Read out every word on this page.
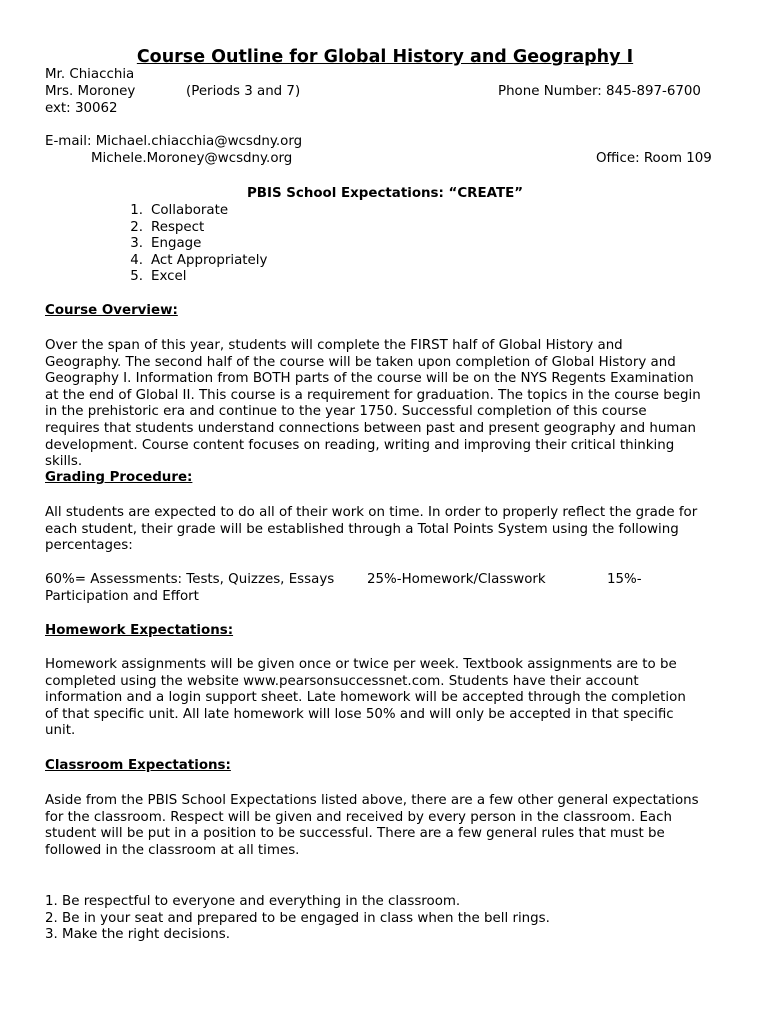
Course Outline for Global History and Geography I
Mr. Chiacchia
Mrs. Moroney	(Periods 3 and 7)	Phone Number: 845-897-6700
ext: 30062
E-mail: Michael.chiacchia@wcsdny.org
Michele.Moroney@wcsdny.org	Office: Room 109
PBIS School Expectations: “CREATE”
1. Collaborate
2. Respect
3. Engage
4. Act Appropriately
5. Excel
Course Overview:
Over the span of this year, students will complete the FIRST half of Global History and
Geography. The second half of the course will be taken upon completion of Global History and
Geography I. Information from BOTH parts of the course will be on the NYS Regents Examination
at the end of Global II. This course is a requirement for graduation. The topics in the course begin
in the prehistoric era and continue to the year 1750. Successful completion of this course
requires that students understand connections between past and present geography and human
development. Course content focuses on reading, writing and improving their critical thinking
skills.
Grading Procedure:
All students are expected to do all of their work on time. In order to properly reflect the grade for
each student, their grade will be established through a Total Points System using the following
percentages:
60%= Assessments: Tests, Quizzes, Essays 25%-Homework/Classwork	15%-
Participation and Effort
Homework Expectations:
Homework assignments will be given once or twice per week. Textbook assignments are to be
completed using the website www.pearsonsuccessnet.com. Students have their account
information and a login support sheet. Late homework will be accepted through the completion
of that specific unit. All late homework will lose 50% and will only be accepted in that specific
unit.
Classroom Expectations:
Aside from the PBIS School Expectations listed above, there are a few other general expectations
for the classroom. Respect will be given and received by every person in the classroom. Each
student will be put in a position to be successful. There are a few general rules that must be
followed in the classroom at all times.
1. Be respectful to everyone and everything in the classroom.
2. Be in your seat and prepared to be engaged in class when the bell rings.
3. Make the right decisions.
